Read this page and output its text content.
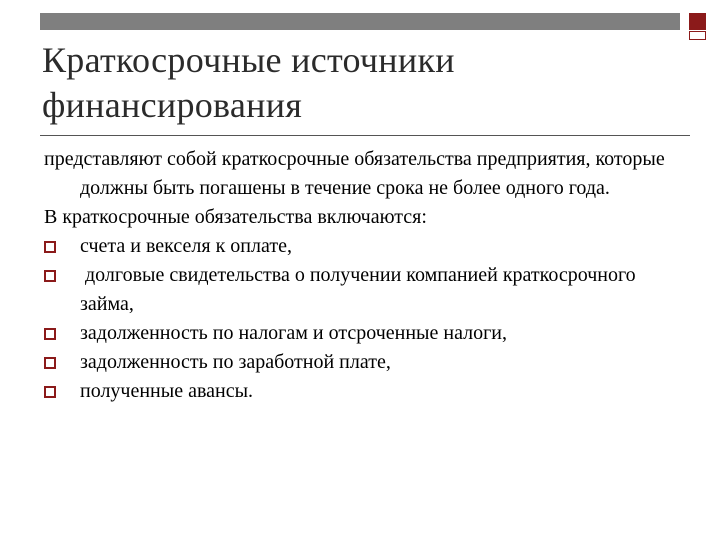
Краткосрочные источники
финансирования

представляют собой краткосрочные обязательства предприятия, которые должны быть погашены в течение срока не более одного года.

В краткосрочные обязательства включаются:

счета и векселя к оплате,
долговые свидетельства о получении компанией краткосрочного займа,
задолженность по налогам и отсроченные налоги,
задолженность по заработной плате,
полученные авансы.
